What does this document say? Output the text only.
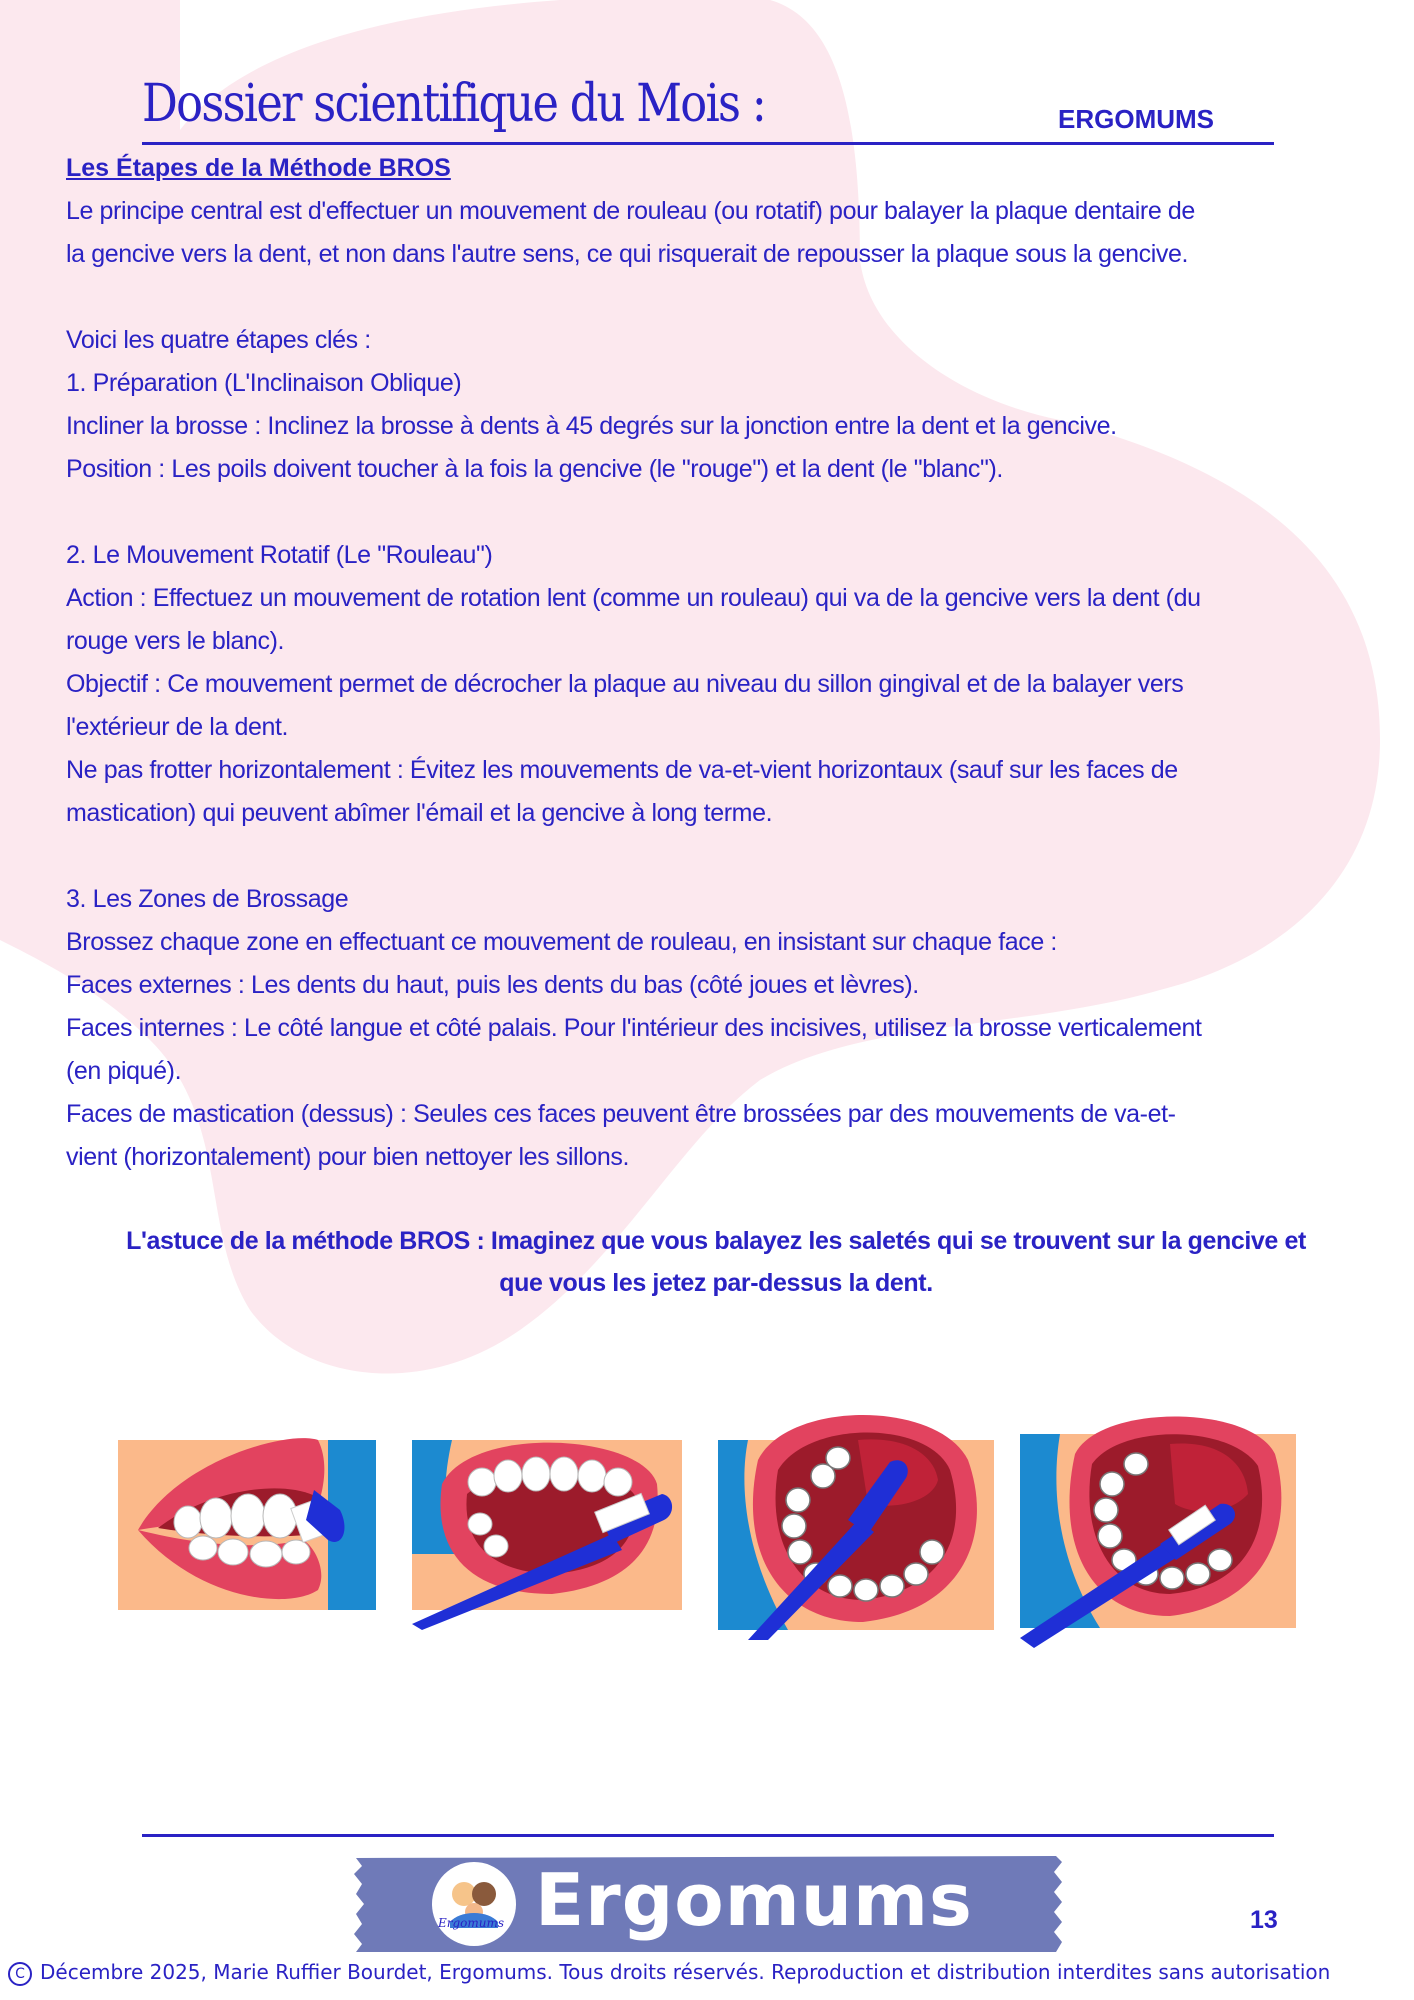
Dossier scientifique du Mois :	ERGOMUMS
Les Étapes de la Méthode BROS

Le principe central est d'effectuer un mouvement de rouleau (ou rotatif) pour balayer la plaque dentaire de

la gencive vers la dent, et non dans l'autre sens, ce qui risquerait de repousser la plaque sous la gencive.

Voici les quatre étapes clés :

1. Préparation (L'Inclinaison Oblique)

Incliner la brosse : Inclinez la brosse à dents à 45 degrés sur la jonction entre la dent et la gencive.

Position : Les poils doivent toucher à la fois la gencive (le "rouge") et la dent (le "blanc").

2. Le Mouvement Rotatif (Le "Rouleau")

Action : Effectuez un mouvement de rotation lent (comme un rouleau) qui va de la gencive vers la dent (du

rouge vers le blanc).

Objectif : Ce mouvement permet de décrocher la plaque au niveau du sillon gingival et de la balayer vers

l'extérieur de la dent.

Ne pas frotter horizontalement : Évitez les mouvements de va-et-vient horizontaux (sauf sur les faces de

mastication) qui peuvent abîmer l'émail et la gencive à long terme.

3. Les Zones de Brossage

Brossez chaque zone en effectuant ce mouvement de rouleau, en insistant sur chaque face :

Faces externes : Les dents du haut, puis les dents du bas (côté joues et lèvres).

Faces internes : Le côté langue et côté palais. Pour l'intérieur des incisives, utilisez la brosse verticalement

(en piqué).

Faces de mastication (dessus) : Seules ces faces peuvent être brossées par des mouvements de va-et-

vient (horizontalement) pour bien nettoyer les sillons.

L'astuce de la méthode BROS : Imaginez que vous balayez les saletés qui se trouvent sur la gencive et
que vous les jetez par-dessus la dent.
Ergomums Ergomums	13
C Décembre 2025, Marie Ruffier Bourdet, Ergomums. Tous droits réservés. Reproduction et distribution interdites sans autorisation
